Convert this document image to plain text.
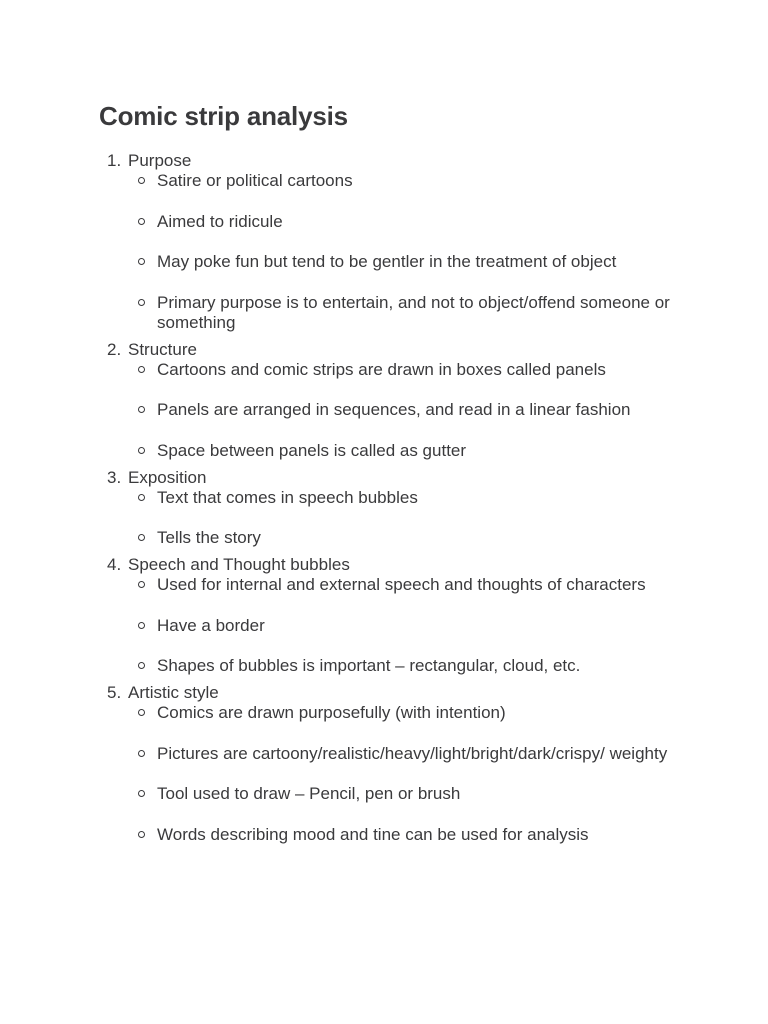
Comic strip analysis
1. Purpose
Satire or political cartoons
Aimed to ridicule
May poke fun but tend to be gentler in the treatment of object
Primary purpose is to entertain, and not to object/offend someone or something
2. Structure
Cartoons and comic strips are drawn in boxes called panels
Panels are arranged in sequences, and read in a linear fashion
Space between panels is called as gutter
3. Exposition
Text that comes in speech bubbles
Tells the story
4. Speech and Thought bubbles
Used for internal and external speech and thoughts of characters
Have a border
Shapes of bubbles is important – rectangular, cloud, etc.
5. Artistic style
Comics are drawn purposefully (with intention)
Pictures are cartoony/realistic/heavy/light/bright/dark/crispy/ weighty
Tool used to draw – Pencil, pen or brush
Words describing mood and tine can be used for analysis
